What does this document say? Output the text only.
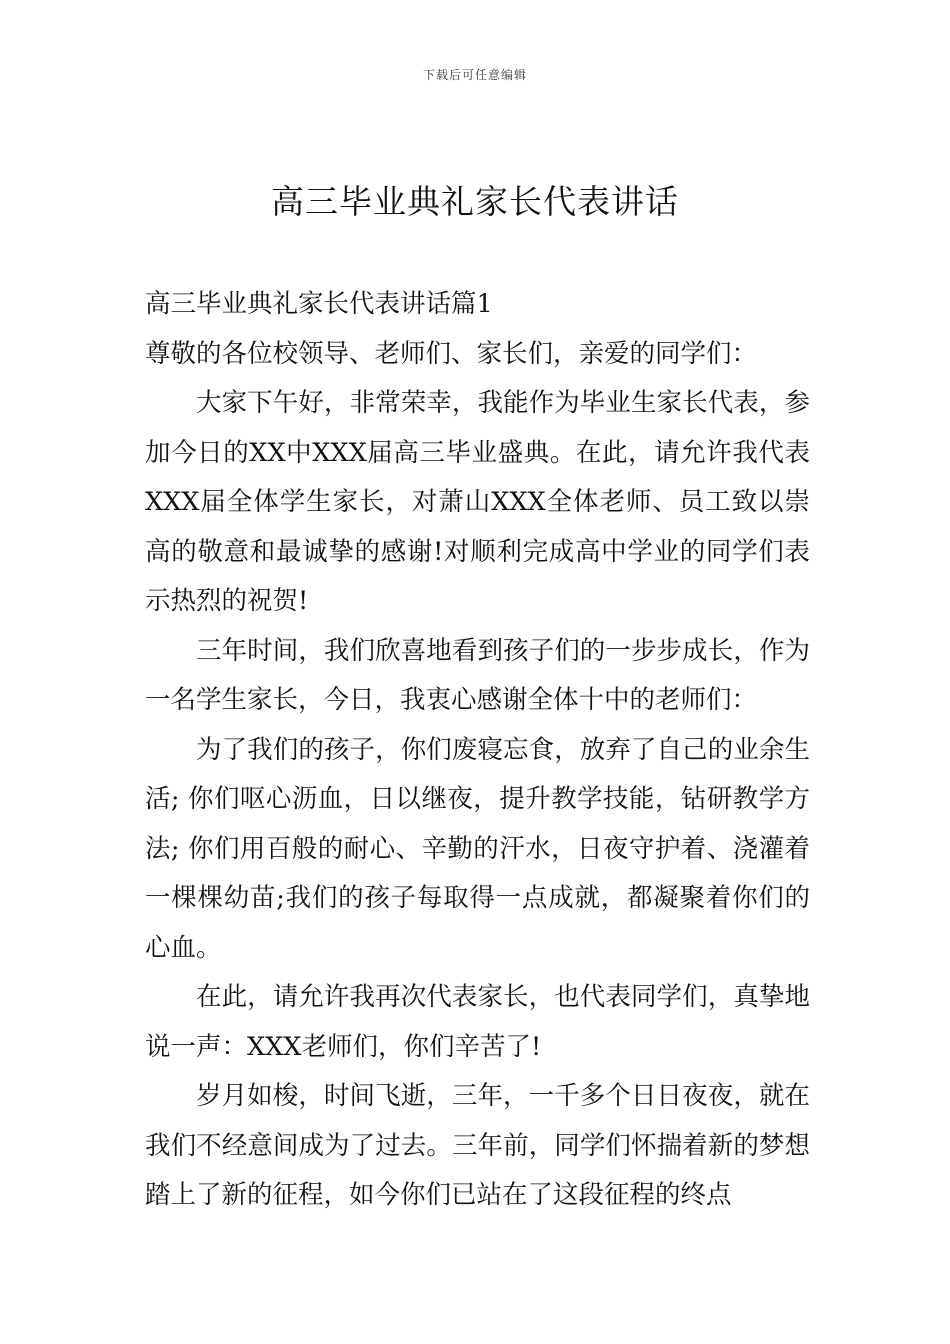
下载后可任意编辑
高三毕业典礼家长代表讲话

高三毕业典礼家长代表讲话篇1

尊敬的各位校领导、老师们、家长们，亲爱的同学们：

大家下午好，非常荣幸，我能作为毕业生家长代表，参加今日的XX中XXX届高三毕业盛典。在此，请允许我代表XXX届全体学生家长，对萧山XXX全体老师、员工致以崇高的敬意和最诚挚的感谢!对顺利完成高中学业的同学们表示热烈的祝贺!

三年时间，我们欣喜地看到孩子们的一步步成长，作为一名学生家长，今日，我衷心感谢全体十中的老师们：

为了我们的孩子，你们废寝忘食，放弃了自己的业余生活; 你们呕心沥血，日以继夜，提升教学技能，钻研教学方法; 你们用百般的耐心、辛勤的汗水，日夜守护着、浇灌着一棵棵幼苗;我们的孩子每取得一点成就，都凝聚着你们的心血。

在此，请允许我再次代表家长，也代表同学们，真挚地说一声：XXX老师们，你们辛苦了!

岁月如梭，时间飞逝，三年，一千多个日日夜夜，就在我们不经意间成为了过去。三年前，同学们怀揣着新的梦想踏上了新的征程，如今你们已站在了这段征程的终点
